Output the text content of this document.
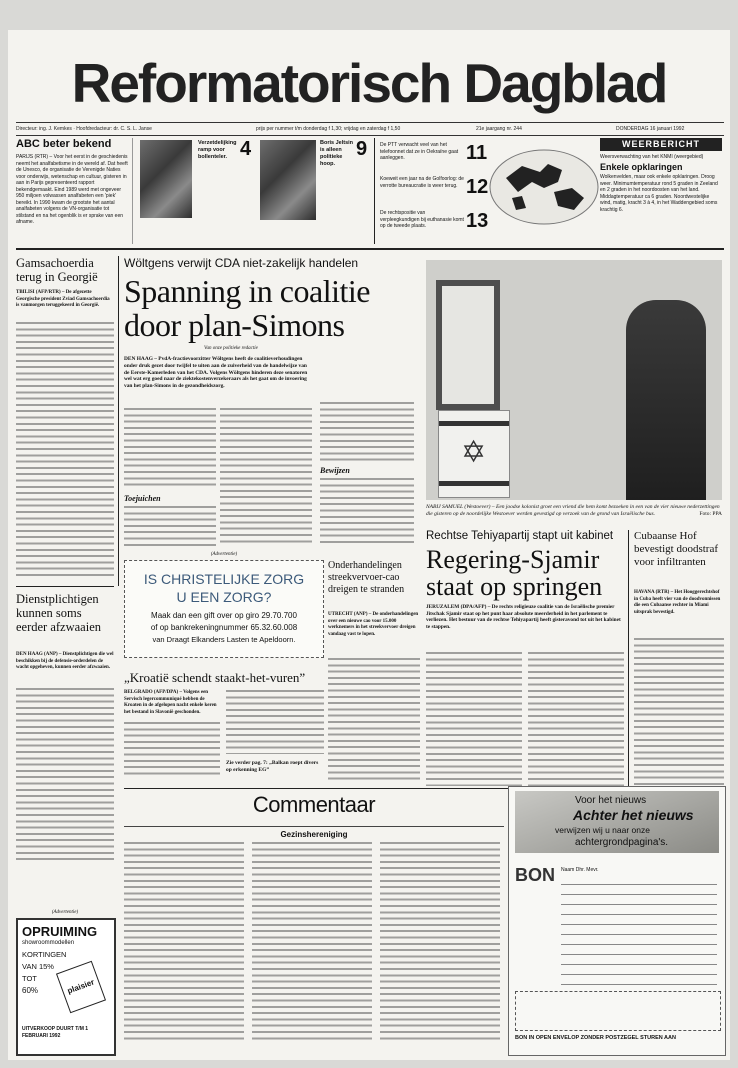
Reformatorisch Dagblad
Directeur: ing. J. Kemkes · Hoofdredacteur: dr. C. S. L. Janse	prijs per nummer t/m donderdag f 1,30; vrijdag en zaterdag f 1,50	21e jaargang nr. 244	DONDERDAG 16 januari 1992
ABC beter bekend
PARIJS (RTR) – Voor het eerst in de geschiedenis neemt het analfabetisme in de wereld af. Dat heeft de Unesco, de organisatie de Verenigde Naties voor onderwijs, wetenschap en cultuur, gisteren in aan in Parijs gepresenteerd rapport bekendgemaakt. Eind 1989 werd met ongeveer 950 miljoen volwassen analfabeten een 'piek' bereikt. In 1990 kwam de grootste het aantal analfabeten volgens de VN-organisatie tot stilstand en na het ogenblik is er sprake van een afname.
Verzetdelijking ramp voor bollenteler. 4	Boris Jeltsin is alleen politieke hoop.
9	De PTT verwacht veel van het telefoonnet dat ze in Oekraïne gaat aanleggen.	11
Koeweit een jaar na de Golfoorlog: de verrotte bureaucratie is weer terug. 12
De rechtspositie van verpleegkundigen bij euthanasie komt op de tweede plaats.	13
WEERBERICHT
Weersverwachting van het KNMI (weergebied)
Enkele opklaringen
Wolkenvelden, maar ook enkele opklaringen. Droog weer. Minimumtemperatuur rond 5 graden in Zeeland en 2 graden in het noordoosten van het land. Middagtemperatuur ca 6 graden. Noordwestelijke wind, matig, kracht 3 à 4, in het Waddengebied soms krachtig 6.
Gamsachoerdia terug in Georgië
TBILISI (AFP/RTR) – De afgezette Georgische president Zviad Gamsachoerdia is vanmorgen teruggekeerd in Georgië.
Wöltgens verwijt CDA niet-zakelijk handelen
Spanning in coalitie door plan-Simons
Van onze politieke redactie
DEN HAAG – PvdA-fractievoorzitter Wöltgens heeft de coalitieverhoudingen onder druk gezet door twijfel te uiten aan de zuiverheid van de handelwijze van de Eerste-Kamerleden van het CDA. Volgens Wöltgens hinderen deze senatoren wel wat erg goed naar de ziektekostenverzekeraars als het gaat om de invoering van het plan-Simons in de gezondheidszorg.
Toejuichen
Bewijzen
✡
NABIJ SAMUEL (Westoever) – Een joodse kolonist groet een vriend die hem komt bezoeken in een van de vier nieuwe nederzettingen die gisteren op de noordelijke Westoever werden gevestigd op verzoek van de grond van Israëlische bus.	Foto: PPA
Rechtse Tehiyapartij stapt uit kabinet
Regering-Sjamir staat op springen
JERUZALEM (DPA/AFP) – De rechts religieuze coalitie van de Israëlische premier Jitschak Sjamir staat op het punt haar absolute meerderheid in het parlement te verliezen. Het bestuur van de rechtse Tehiyapartij heeft gisteravond tot uit het kabinet te stappen.
Cubaanse Hof bevestigt doodstraf voor infiltranten
HAVANA (RTR) – Het Hooggerechtshof in Cuba heeft vier van de doodvonnissen die een Cubaanse rechter in Miami uitsprak bevestigd.
Dienstplichtigen kunnen soms eerder afzwaaien
DEN HAAG (ANP) – Dienstplichtigen die wel beschikken bij de defensie-orderdelen de wacht opgeheven, kunnen eerder afzwaaien.
(Advertentie)
IS CHRISTELIJKE ZORG
U EEN ZORG?
Maak dan een gift over op giro 29.70.700
of op bankrekeningnummer 65.32.60.008
van Draagt Elkanders Lasten te Apeldoorn.
Onderhandelingen streekvervoer-cao dreigen te stranden
UTRECHT (ANP) – De onderhandelingen over een nieuwe cao voor 15.000 werknemers in het streekvervoer dreigen vandaag vast te lopen.
„Kroatië schendt staakt-het-vuren”
BELGRADO (AFP/DPA) – Volgens een Servisch legercommuniqué hebben de Kroaten in de afgelopen nacht enkele keren het bestand in Slavonië geschonden.
Zie verder pag. 7: „Balkan roept divers op erkenning EG”
Commentaar
Gezinshereniging
(Advertentie)
OPRUIMING
showroommodellen
KORTINGEN
VAN 15%
TOT
60%	plaisier
UITVERKOOP DUURT T/M 1 FEBRUARI 1992
Voor het nieuws
Achter het nieuws
verwijzen wij u naar onze
achtergrondpagina's.
BON Naam Dhr. Mevr.
BON IN OPEN ENVELOP ZONDER POSTZEGEL STUREN AAN
